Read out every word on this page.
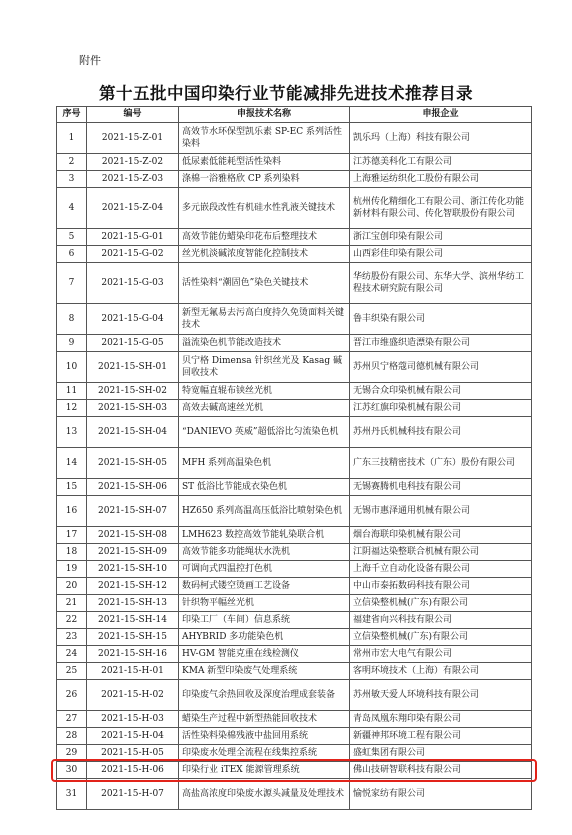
附件
第十五批中国印染行业节能减排先进技术推荐目录
序号	编号	申报技术名称	申报企业
1	2021-15-Z-01	高效节水环保型凯乐素 SP-EC 系列活性染料	凯乐玛（上海）科技有限公司
2	2021-15-Z-02	低尿素低能耗型活性染料	江苏德美科化工有限公司
3	2021-15-Z-03	涤棉一浴雅格欣 CP 系列染料	上海雅运纺织化工股份有限公司
4	2021-15-Z-04	多元嵌段改性有机硅水性乳液关键技术	杭州传化精细化工有限公司、浙江传化功能新材料有限公司、传化智联股份有限公司
5	2021-15-G-01	高效节能仿蜡染印花布后整理技术	浙江宝创印染有限公司
6	2021-15-G-02	丝光机淡碱浓度智能化控制技术	山西彩佳印染有限公司
7	2021-15-G-03	活性染料“潮固色”染色关键技术	华纺股份有限公司、东华大学、滨州华纺工程技术研究院有限公司
8	2021-15-G-04	新型无氟易去污高白度持久免烫面料关键技术	鲁丰织染有限公司
9	2021-15-G-05	溢流染色机节能改造技术	晋江市维盛织造漂染有限公司
10	2021-15-SH-01	贝宁格 Dimensa 针织丝光及 Kasag 碱回收技术	苏州贝宁格蔻司德机械有限公司
11	2021-15-SH-02	特宽幅直辊布铗丝光机	无锡合众印染机械有限公司
12	2021-15-SH-03	高效去碱高速丝光机	江苏红旗印染机械有限公司
13	2021-15-SH-04	“DANIEVO 英威”超低浴比匀流染色机	苏州丹氏机械科技有限公司
14	2021-15-SH-05	MFH 系列高温染色机	广东三技精密技术（广东）股份有限公司
15	2021-15-SH-06	ST 低浴比节能成衣染色机	无锡赛腾机电科技有限公司
16	2021-15-SH-07	HZ650 系列高温高压低浴比喷射染色机	无锡市惠泽通用机械有限公司
17	2021-15-SH-08	LMH623 数控高效节能轧染联合机	烟台海联印染机械有限公司
18	2021-15-SH-09	高效节能多功能绳状水洗机	江阴福达染整联合机械有限公司
19	2021-15-SH-10	可调向式四温控打色机	上海千立自动化设备有限公司
20	2021-15-SH-12	数码柯式镂空烫画工艺设备	中山市泰拓数码科技有限公司
21	2021-15-SH-13	针织物平幅丝光机	立信染整机械(广东)有限公司
22	2021-15-SH-14	印染工厂（车间）信息系统	福建省向兴科技有限公司
23	2021-15-SH-15	AHYBRID 多功能染色机	立信染整机械(广东)有限公司
24	2021-15-SH-16	HV-GM 智能克重在线检测仪	常州市宏大电气有限公司
25	2021-15-H-01	KMA 新型印染废气处理系统	客明环境技术（上海）有限公司
26	2021-15-H-02	印染废气余热回收及深度治理成套装备	苏州敏天爱人环境科技有限公司
27	2021-15-H-03	蜡染生产过程中新型热能回收技术	青岛凤凰东翔印染有限公司
28	2021-15-H-04	活性染料染棉残液中盐回用系统	新疆神邦环境工程有限公司
29	2021-15-H-05	印染废水处理全流程在线集控系统	盛虹集团有限公司
30	2021-15-H-06	印染行业 iTEX 能源管理系统	佛山技研智联科技有限公司
31	2021-15-H-07	高盐高浓度印染废水源头减量及处理技术	愉悦家纺有限公司
